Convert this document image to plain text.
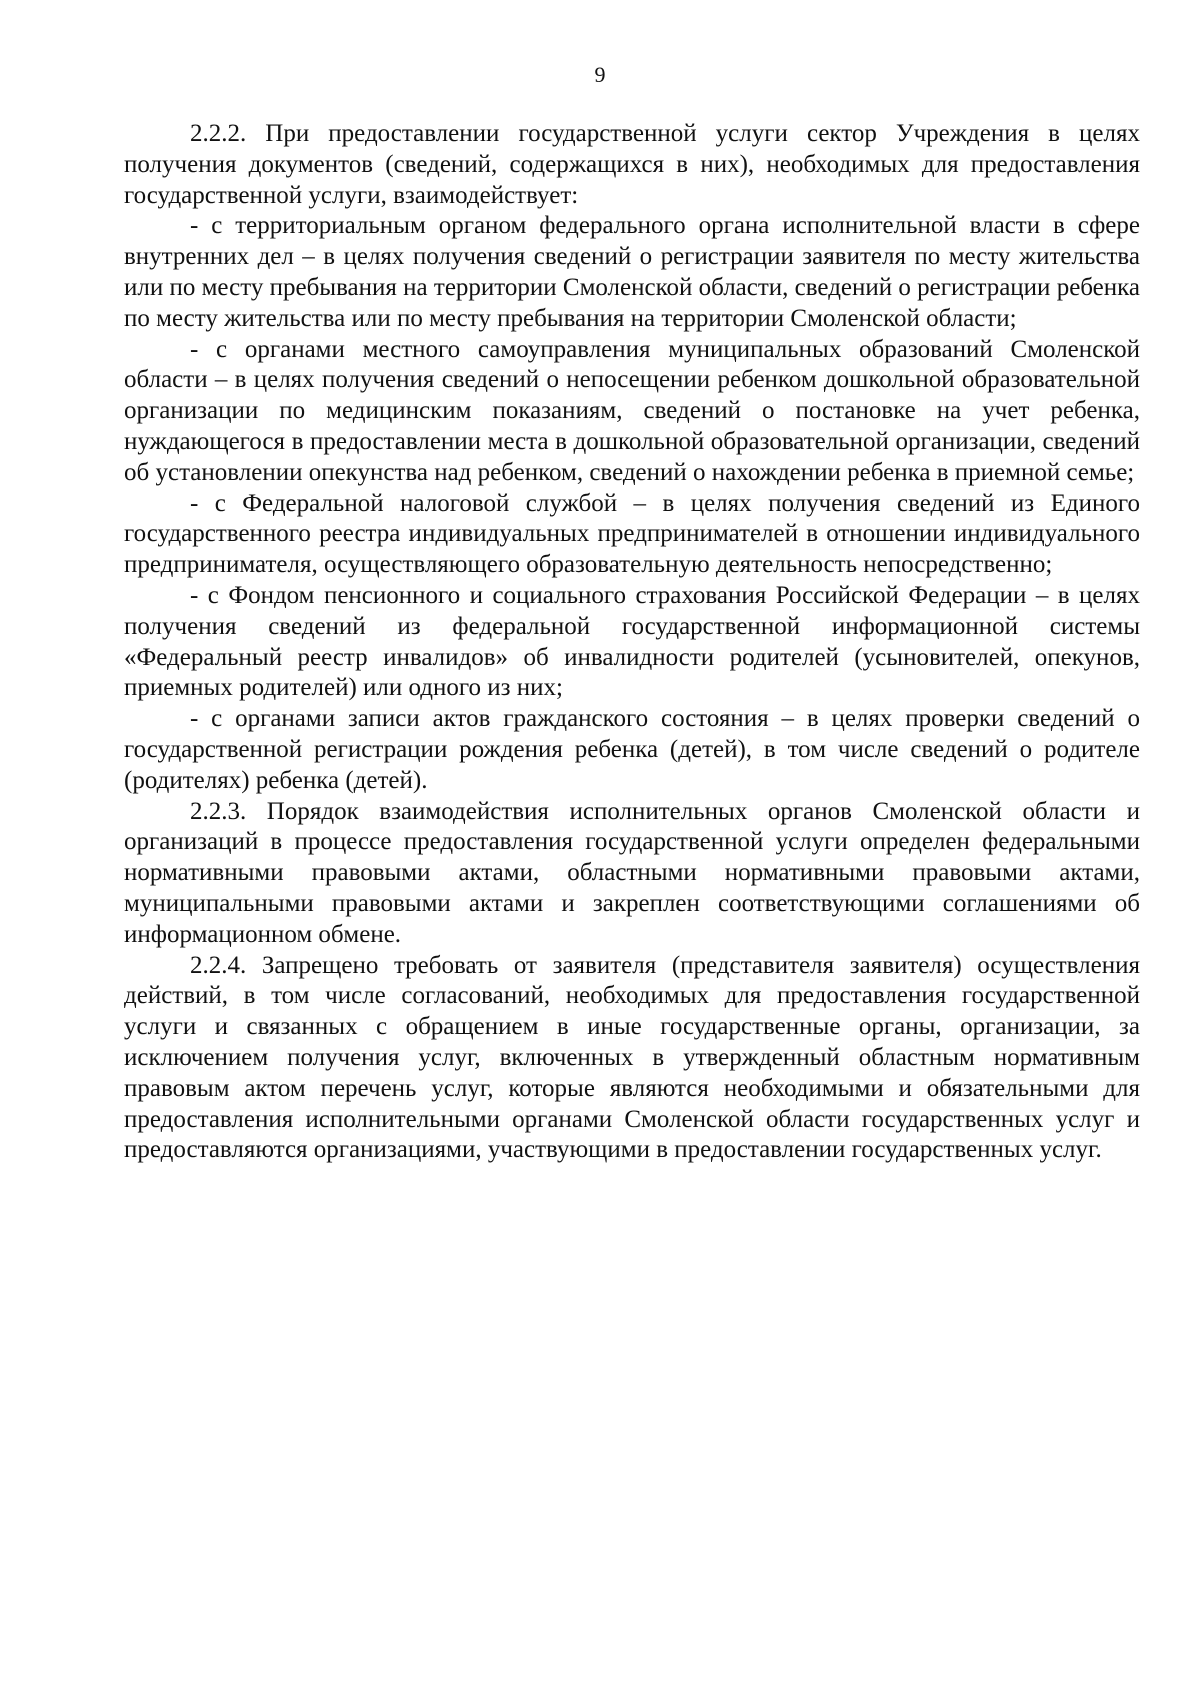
9

2.2.2. При предоставлении государственной услуги сектор Учреждения в целях получения документов (сведений, содержащихся в них), необходимых для предоставления государственной услуги, взаимодействует:

- с территориальным органом федерального органа исполнительной власти в сфере внутренних дел – в целях получения сведений о регистрации заявителя по месту жительства или по месту пребывания на территории Смоленской области, сведений о регистрации ребенка по месту жительства или по месту пребывания на территории Смоленской области;

- с органами местного самоуправления муниципальных образований Смоленской области – в целях получения сведений о непосещении ребенком дошкольной образовательной организации по медицинским показаниям, сведений о постановке на учет ребенка, нуждающегося в предоставлении места в дошкольной образовательной организации, сведений об установлении опекунства над ребенком, сведений о нахождении ребенка в приемной семье;

- с Федеральной налоговой службой – в целях получения сведений из Единого государственного реестра индивидуальных предпринимателей в отношении индивидуального предпринимателя, осуществляющего образовательную деятельность непосредственно;

- с Фондом пенсионного и социального страхования Российской Федерации – в целях получения сведений из федеральной государственной информационной системы «Федеральный реестр инвалидов» об инвалидности родителей (усыновителей, опекунов, приемных родителей) или одного из них;

- с органами записи актов гражданского состояния – в целях проверки сведений о государственной регистрации рождения ребенка (детей), в том числе сведений о родителе (родителях) ребенка (детей).

2.2.3. Порядок взаимодействия исполнительных органов Смоленской области и организаций в процессе предоставления государственной услуги определен федеральными нормативными правовыми актами, областными нормативными правовыми актами, муниципальными правовыми актами и закреплен соответствующими соглашениями об информационном обмене.

2.2.4. Запрещено требовать от заявителя (представителя заявителя) осуществления действий, в том числе согласований, необходимых для предоставления государственной услуги и связанных с обращением в иные государственные органы, организации, за исключением получения услуг, включенных в утвержденный областным нормативным правовым актом перечень услуг, которые являются необходимыми и обязательными для предоставления исполнительными органами Смоленской области государственных услуг и предоставляются организациями, участвующими в предоставлении государственных услуг.
